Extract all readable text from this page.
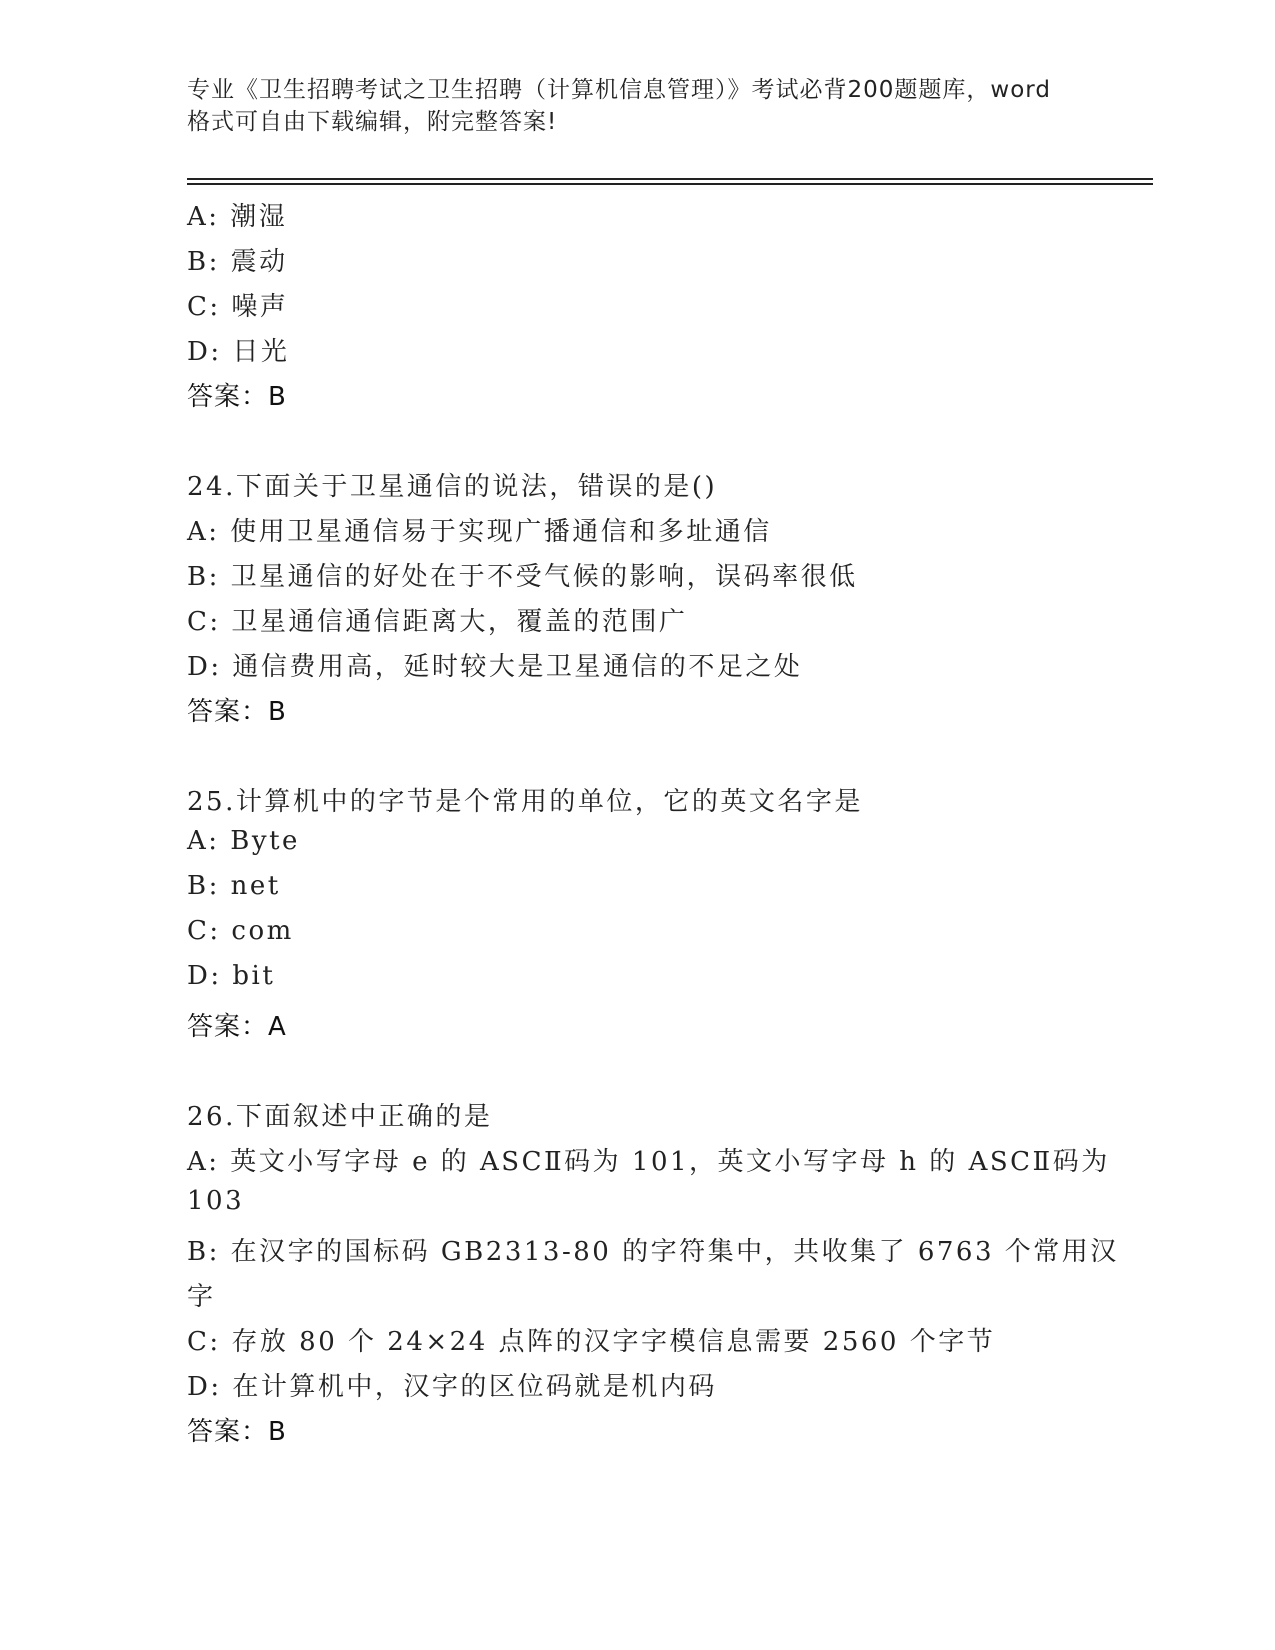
专业《卫生招聘考试之卫生招聘（计算机信息管理）》考试必背200题题库，word
格式可自由下载编辑，附完整答案!
A: 潮湿
B: 震动
C: 噪声
D: 日光
答案：B
24.下面关于卫星通信的说法，错误的是()
A: 使用卫星通信易于实现广播通信和多址通信
B: 卫星通信的好处在于不受气候的影响，误码率很低
C: 卫星通信通信距离大，覆盖的范围广
D: 通信费用高，延时较大是卫星通信的不足之处
答案：B
25.计算机中的字节是个常用的单位，它的英文名字是
A: Byte
B: net
C: com
D: bit
答案：A
26.下面叙述中正确的是
A: 英文小写字母 e 的 ASCⅡ码为 101，英文小写字母 h 的 ASCⅡ码为
103
B: 在汉字的国标码 GB2313-80 的字符集中，共收集了 6763 个常用汉
字
C: 存放 80 个 24×24 点阵的汉字字模信息需要 2560 个字节
D: 在计算机中，汉字的区位码就是机内码
答案：B
